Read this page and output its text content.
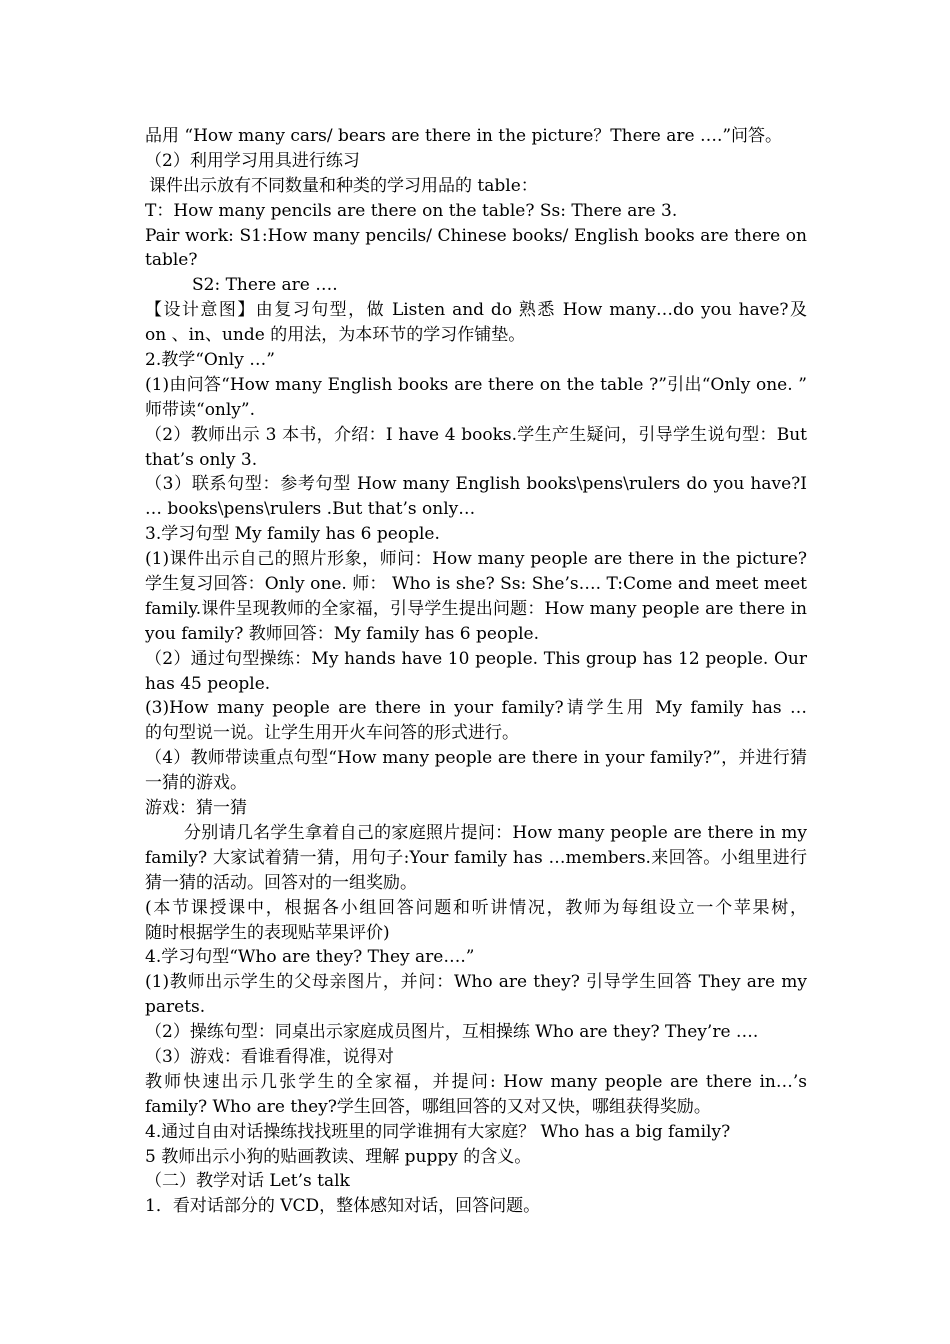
品用 “How many cars/ bears are there in the picture？There are ….”问答。
（2）利用学习用具进行练习
课件出示放有不同数量和种类的学习用品的 table：
T：How many pencils are there on the table? Ss: There are 3.
Pair work: S1:How many pencils/ Chinese books/ English books are there on
table?
S2: There are ….
【设计意图】由复习句型，做 Listen and do 熟悉 How many…do you have?及
on 、in、unde 的用法，为本环节的学习作铺垫。
2.教学“Only …”
(1)由问答“How many English books are there on the table ?”引出“Only one. ”
师带读“only”.
（2）教师出示 3 本书，介绍：I have 4 books.学生产生疑问，引导学生说句型：But
that’s only 3.
（3）联系句型：参考句型 How many English books\pens\rulers do you have?I
… books\pens\rulers .But that’s only…
3.学习句型 My family has 6 people.
(1)课件出示自己的照片形象，师问：How many people are there in the picture?
学生复习回答：Only one. 师： Who is she? Ss: She’s…. T:Come and meet meet
family.课件呈现教师的全家福，引导学生提出问题：How many people are there in
you family? 教师回答：My family has 6 people.
（2）通过句型操练：My hands have 10 people. This group has 12 people. Our
has 45 people.
(3)How many people are there in your family?请学生用 My family has …
的句型说一说。让学生用开火车问答的形式进行。
（4）教师带读重点句型“How many people are there in your family?”，并进行猜
一猜的游戏。
游戏：猜一猜
分别请几名学生拿着自己的家庭照片提问：How many people are there in my
family? 大家试着猜一猜，用句子:Your family has …members.来回答。小组里进行
猜一猜的活动。回答对的一组奖励。
(本节课授课中，根据各小组回答问题和听讲情况，教师为每组设立一个苹果树，
随时根据学生的表现贴苹果评价)
4.学习句型“Who are they? They are….”
(1)教师出示学生的父母亲图片，并问：Who are they? 引导学生回答 They are my
parets.
（2）操练句型：同桌出示家庭成员图片，互相操练 Who are they? They’re ….
（3）游戏：看谁看得准，说得对
教师快速出示几张学生的全家福，并提问: How many people are there in…’s
family? Who are they?学生回答，哪组回答的又对又快，哪组获得奖励。
4.通过自由对话操练找找班里的同学谁拥有大家庭？ Who has a big family?
5 教师出示小狗的贴画教读、理解 puppy 的含义。
（二）教学对话 Let’s talk
1．看对话部分的 VCD，整体感知对话，回答问题。
